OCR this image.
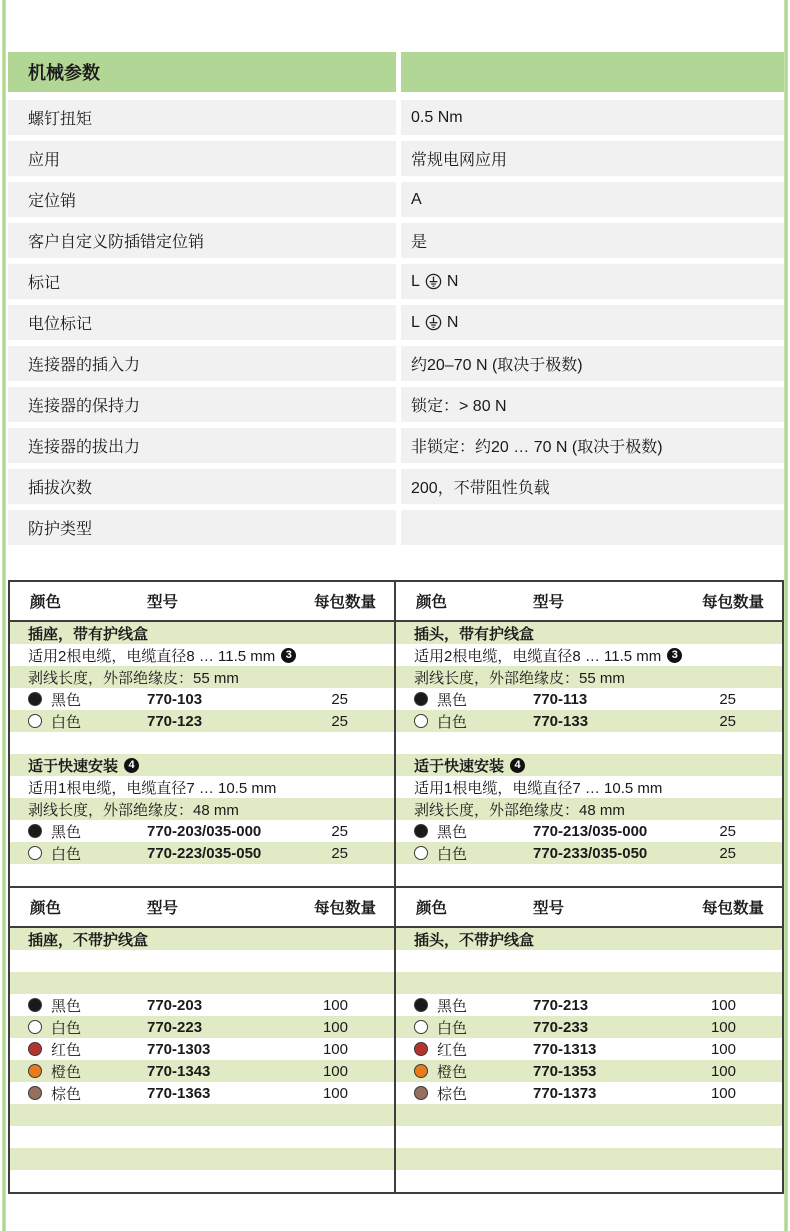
机械参数
螺钉扭矩	0.5 Nm
应用	常规电网应用
定位销	A
客户自定义防插错定位销	是
标记	L N
电位标记	L N
连接器的插入力	约20–70 N (取决于极数)
连接器的保持力	锁定：> 80 N
连接器的拔出力	非锁定：约20 … 70 N (取决于极数)
插拔次数	200，不带阻性负载
防护类型
颜色	型号	每包数量
插座，带有护线盒
适用2根电缆，电缆直径8 … 11.5 mm 3
剥线长度，外部绝缘皮：55 mm
黑色	770-103	25
白色	770-123	25
适于快速安装 4
适用1根电缆，电缆直径7 … 10.5 mm
剥线长度，外部绝缘皮：48 mm
黑色	770-203/035-000	25
白色	770-223/035-050	25
颜色	型号	每包数量
插头，带有护线盒
适用2根电缆，电缆直径8 … 11.5 mm 3
剥线长度，外部绝缘皮：55 mm
黑色	770-113	25
白色	770-133	25
适于快速安装 4
适用1根电缆，电缆直径7 … 10.5 mm
剥线长度，外部绝缘皮：48 mm
黑色	770-213/035-000	25
白色	770-233/035-050	25
颜色	型号	每包数量
插座，不带护线盒
黑色	770-203	100
白色	770-223	100
红色	770-1303	100
橙色	770-1343	100
棕色	770-1363	100
颜色	型号	每包数量
插头，不带护线盒
黑色	770-213	100
白色	770-233	100
红色	770-1313	100
橙色	770-1353	100
棕色	770-1373	100
